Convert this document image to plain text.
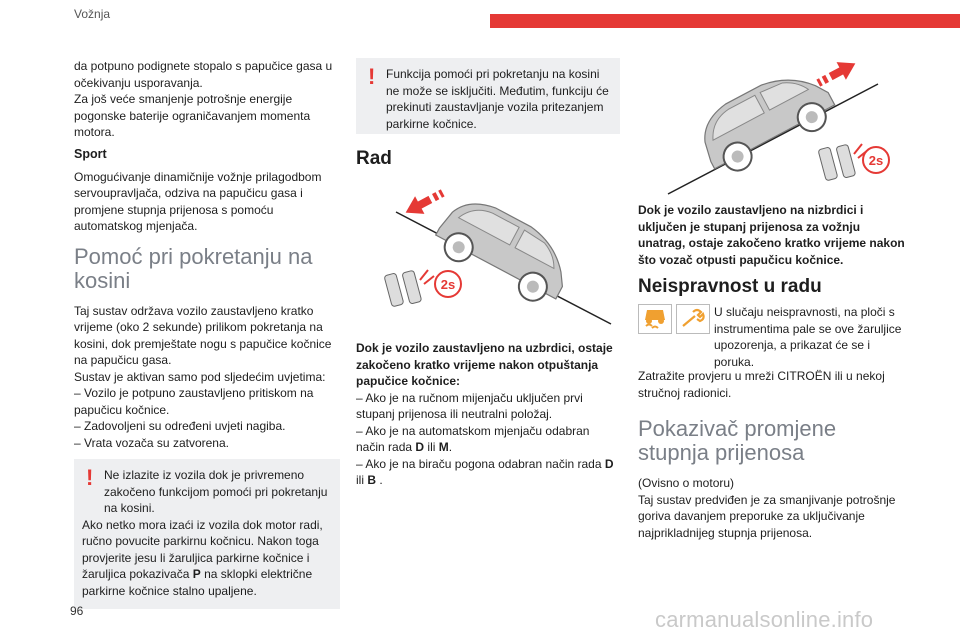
Vožnja

da potpuno podignete stopalo s papučice gasa u očekivanju usporavanja.

Za još veće smanjenje potrošnje energije pogonske baterije ograničavanjem momenta motora.

Sport

Omogućivanje dinamičnije vožnje prilagodbom servoupravljača, odziva na papučicu gasa i promjene stupnja prijenosa s pomoću automatskog mjenjača.

Pomoć pri pokretanju na kosini

Taj sustav održava vozilo zaustavljeno kratko vrijeme (oko 2 sekunde) prilikom pokretanja na kosini, dok premještate nogu s papučice kočnice na papučicu gasa.

Sustav je aktivan samo pod sljedećim uvjetima:

– Vozilo je potpuno zaustavljeno pritiskom na papučicu kočnice.

– Zadovoljeni su određeni uvjeti nagiba.

– Vrata vozača su zatvorena.

! Ne izlazite iz vozila dok je privremeno zakočeno funkcijom pomoći pri pokretanju na kosini.
Ako netko mora izaći iz vozila dok motor radi, ručno povucite parkirnu kočnicu. Nakon toga provjerite jesu li žaruljica parkirne kočnice i žaruljica pokazivača P na sklopki električne parkirne kočnice stalno upaljene.
! Funkcija pomoći pri pokretanju na kosini ne može se isključiti. Međutim, funkciju će prekinuti zaustavljanje vozila pritezanjem parkirne kočnice.
Rad
2s

Dok je vozilo zaustavljeno na uzbrdici, ostaje zakočeno kratko vrijeme nakon otpuštanja papučice kočnice:

– Ako je na ručnom mijenjaču uključen prvi stupanj prijenosa ili neutralni položaj.

– Ako je na automatskom mjenjaču odabran način rada D ili M.

– Ako je na biraču pogona odabran način rada D ili B .

2s

Dok je vozilo zaustavljeno na nizbrdici i uključen je stupanj prijenosa za vožnju unatrag, ostaje zakočeno kratko vrijeme nakon što vozač otpusti papučicu kočnice.

Neispravnost u radu

U slučaju neispravnosti, na ploči s instrumentima pale se ove žaruljice upozorenja, a prikazat će se i poruka.

Zatražite provjeru u mreži CITROËN ili u nekoj stručnoj radionici.

Pokazivač promjene stupnja prijenosa

(Ovisno o motoru)

Taj sustav predviđen je za smanjivanje potrošnje goriva davanjem preporuke za uključivanje najprikladnijeg stupnja prijenosa.

96	carmanualsonline.info
